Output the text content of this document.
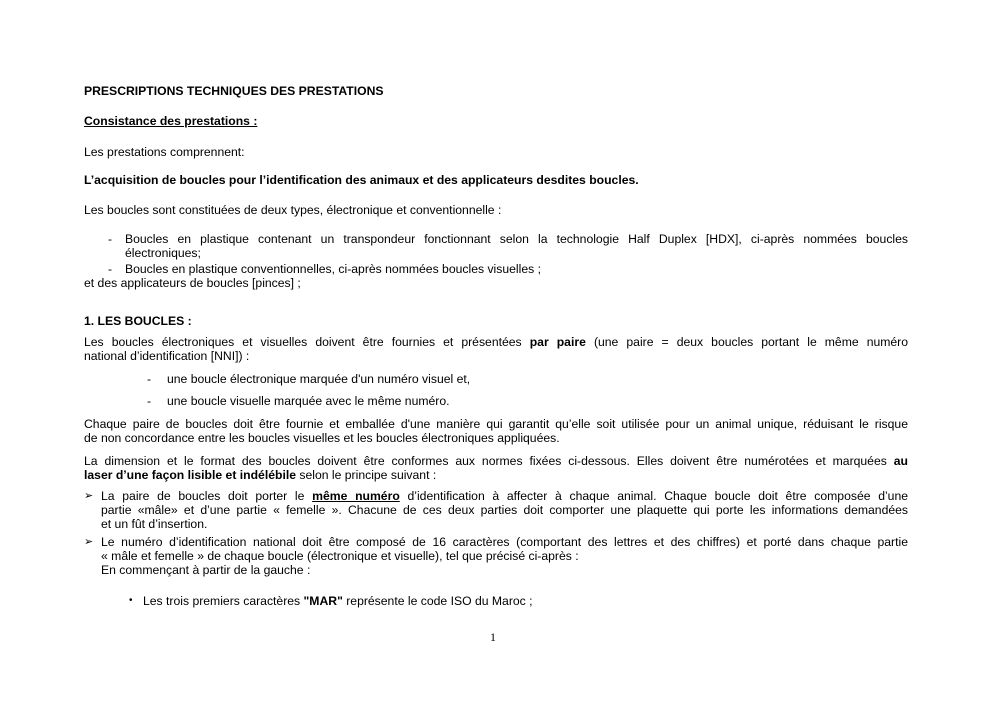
PRESCRIPTIONS TECHNIQUES DES PRESTATIONS
Consistance des prestations :
Les prestations comprennent:
L’acquisition de boucles pour l’identification des animaux et des applicateurs desdites boucles.
Les boucles sont constituées de deux types, électronique et conventionnelle :
- Boucles en plastique contenant un transpondeur fonctionnant selon la technologie Half Duplex [HDX], ci-après nommées boucles
électroniques;
- Boucles en plastique conventionnelles, ci-après nommées boucles visuelles ;
et des applicateurs de boucles [pinces] ;
1. LES BOUCLES :
Les boucles électroniques et visuelles doivent être fournies et présentées par paire (une paire = deux boucles portant le même numéro
national d’identification [NNI]) :
- une boucle électronique marquée d'un numéro visuel et,
- une boucle visuelle marquée avec le même numéro.
Chaque paire de boucles doit être fournie et emballée d'une manière qui garantit qu’elle soit utilisée pour un animal unique, réduisant le risque
de non concordance entre les boucles visuelles et les boucles électroniques appliquées.
La dimension et le format des boucles doivent être conformes aux normes fixées ci-dessous. Elles doivent être numérotées et marquées au
laser d’une façon lisible et indélébile selon le principe suivant :
➢ La paire de boucles doit porter le même numéro d’identification à affecter à chaque animal. Chaque boucle doit être composée d’une
partie «mâle» et d’une partie « femelle ». Chacune de ces deux parties doit comporter une plaquette qui porte les informations demandées
et un fût d’insertion.
➢ Le numéro d’identification national doit être composé de 16 caractères (comportant des lettres et des chiffres) et porté dans chaque partie
« mâle et femelle » de chaque boucle (électronique et visuelle), tel que précisé ci-après :
En commençant à partir de la gauche :
• Les trois premiers caractères "MAR" représente le code ISO du Maroc ;
1
